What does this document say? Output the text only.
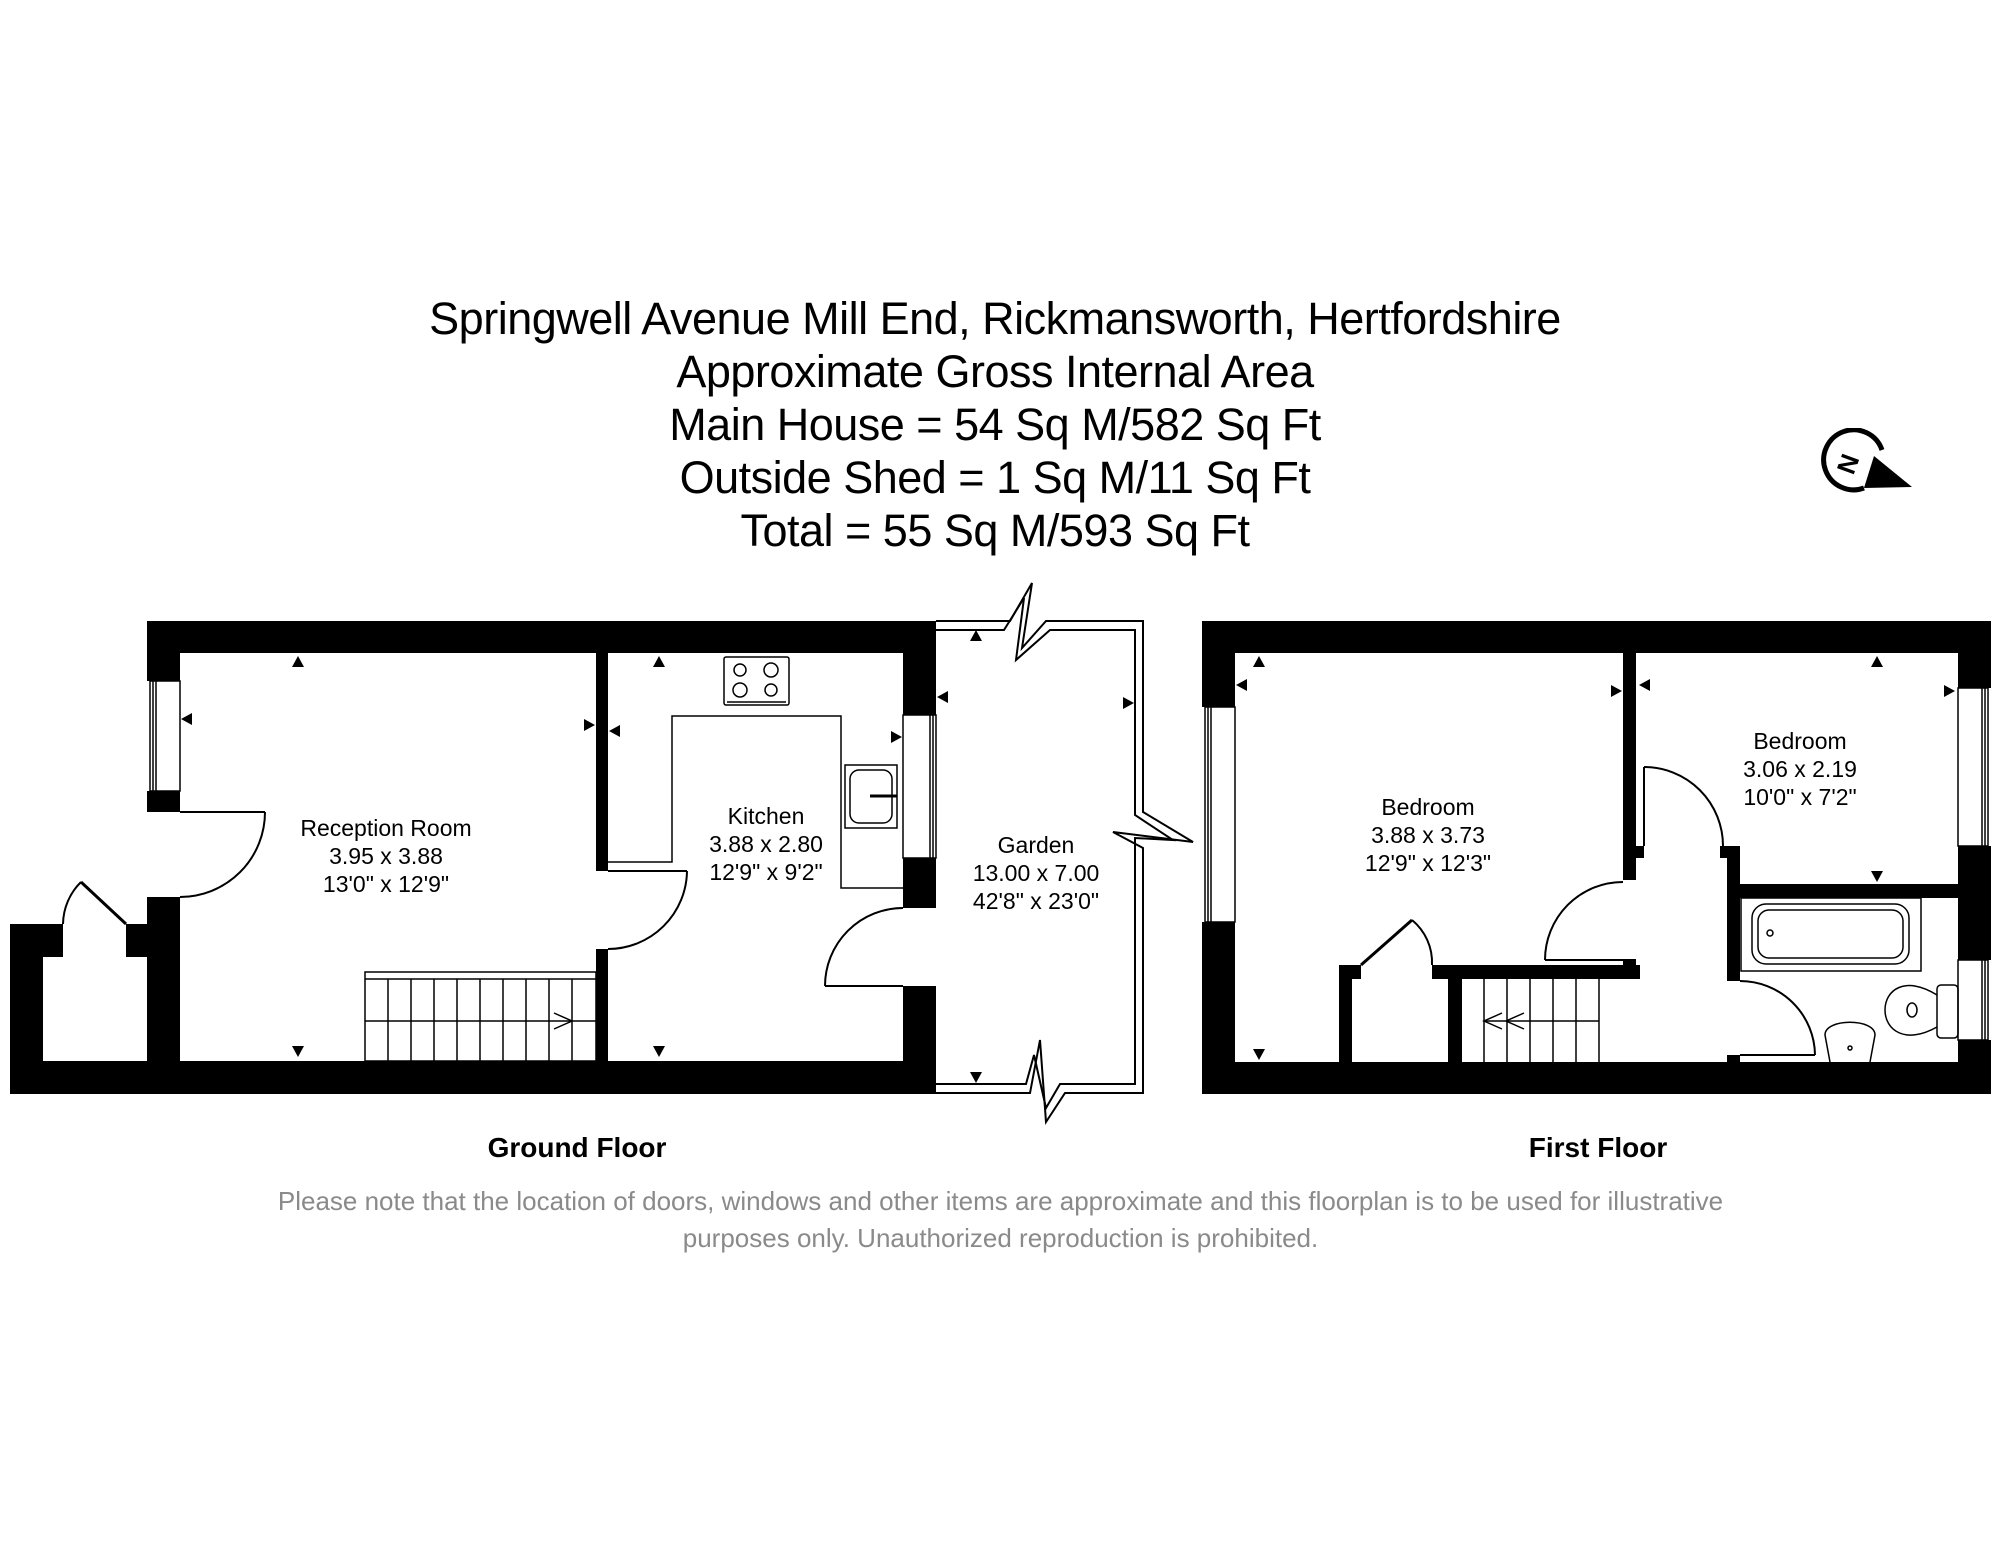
Springwell Avenue Mill End, Rickmansworth, Hertfordshire
Approximate Gross Internal Area
Main House = 54 Sq M/582 Sq Ft
Outside Shed = 1 Sq M/11 Sq Ft
Total = 55 Sq M/593 Sq Ft
N
Reception Room
3.95 x 3.88
13'0" x 12'9"
Kitchen
3.88 x 2.80
12'9" x 9'2"
Garden
13.00 x 7.00
42'8" x 23'0"
Bedroom
3.88 x 3.73
12'9" x 12'3"
Bedroom
3.06 x 2.19
10'0" x 7'2"
Ground Floor	First Floor
Please note that the location of doors, windows and other items are approximate and this floorplan is to be used for illustrative
purposes only. Unauthorized reproduction is prohibited.
